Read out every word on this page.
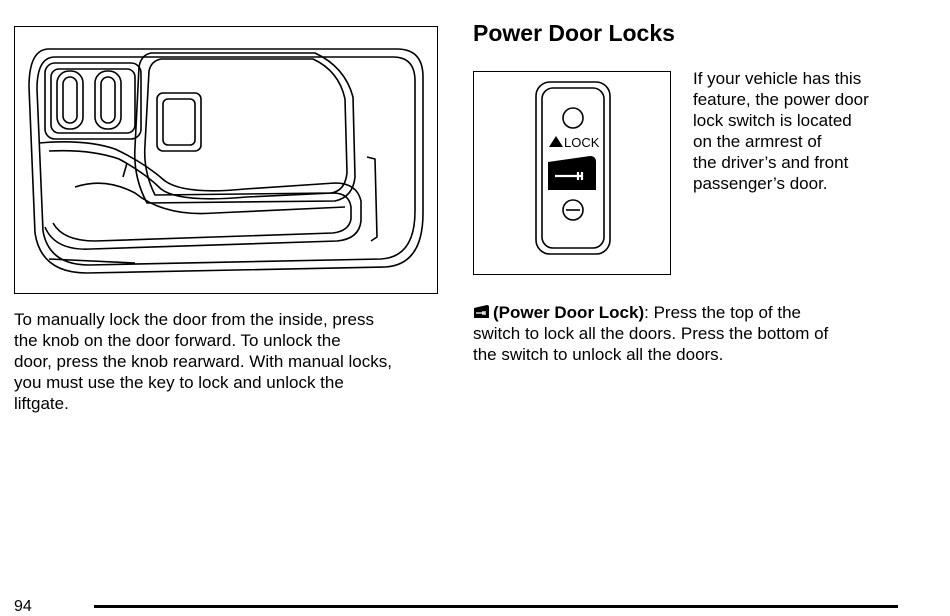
Power Door Locks
LOCK

If your vehicle has this
feature, the power door
lock switch is located
on the armrest of
the driver’s and front
passenger’s door.

To manually lock the door from the inside, press
the knob on the door forward. To unlock the
door, press the knob rearward. With manual locks,
you must use the key to lock and unlock the
liftgate.

(Power Door Lock): Press the top of the
switch to lock all the doors. Press the bottom of
the switch to unlock all the doors.

94
